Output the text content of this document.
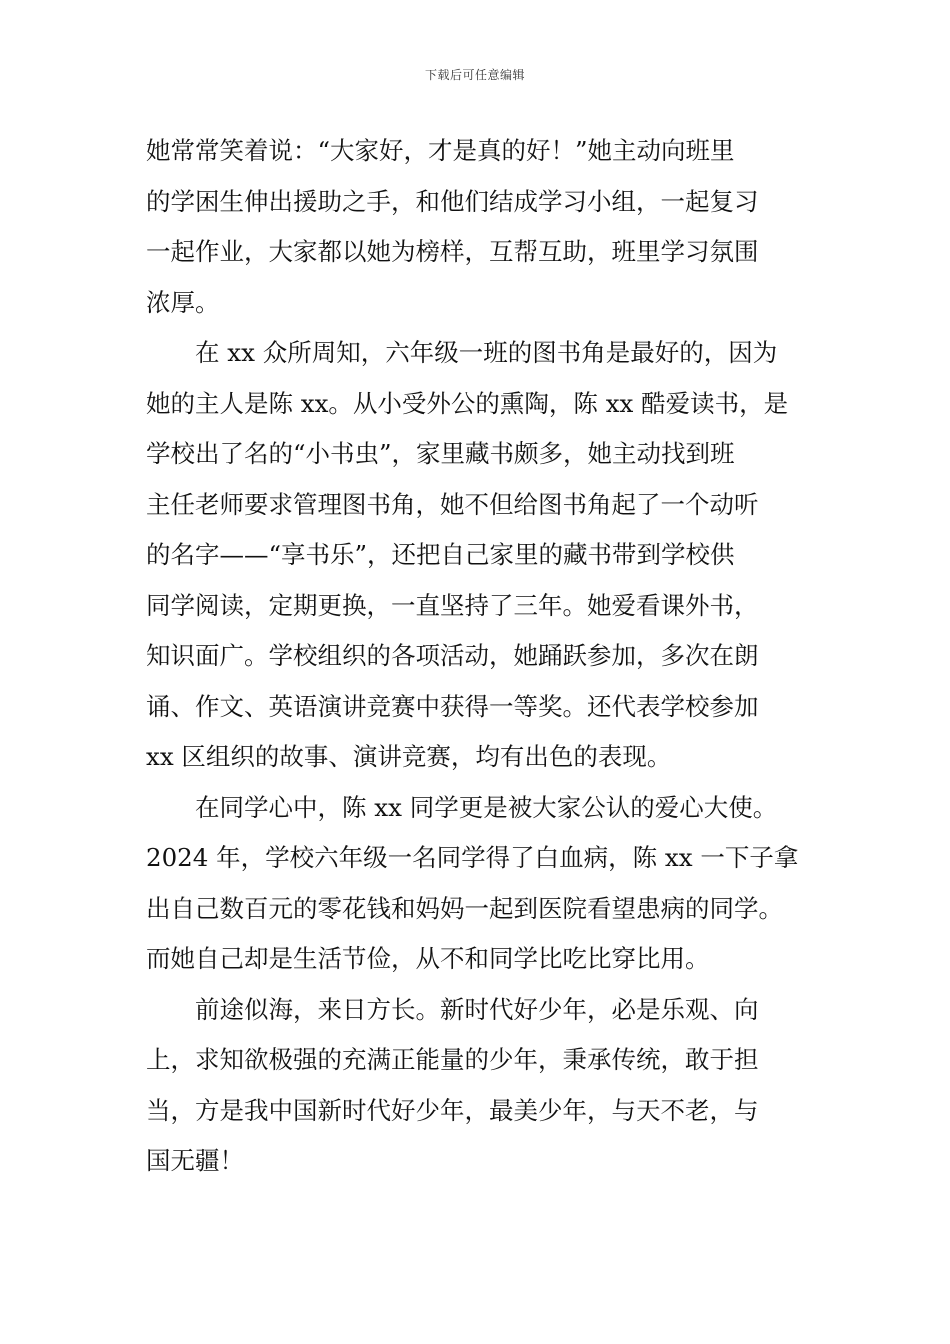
下载后可任意编辑

她常常笑着说：“大家好，才是真的好！”她主动向班里

的学困生伸出援助之手，和他们结成学习小组，一起复习

一起作业，大家都以她为榜样，互帮互助，班里学习氛围

浓厚。

　　在 xx 众所周知，六年级一班的图书角是最好的，因为

她的主人是陈 xx。从小受外公的熏陶，陈 xx 酷爱读书，是

学校出了名的“小书虫”，家里藏书颇多，她主动找到班

主任老师要求管理图书角，她不但给图书角起了一个动听

的名字——“享书乐”，还把自己家里的藏书带到学校供

同学阅读，定期更换，一直坚持了三年。她爱看课外书，

知识面广。学校组织的各项活动，她踊跃参加，多次在朗

诵、作文、英语演讲竞赛中获得一等奖。还代表学校参加

xx 区组织的故事、演讲竞赛，均有出色的表现。

　　在同学心中，陈 xx 同学更是被大家公认的爱心大使。

2024 年，学校六年级一名同学得了白血病，陈 xx 一下子拿

出自己数百元的零花钱和妈妈一起到医院看望患病的同学。

而她自己却是生活节俭，从不和同学比吃比穿比用。

　　前途似海，来日方长。新时代好少年，必是乐观、向

上，求知欲极强的充满正能量的少年，秉承传统，敢于担

当，方是我中国新时代好少年，最美少年，与天不老，与

国无疆！
